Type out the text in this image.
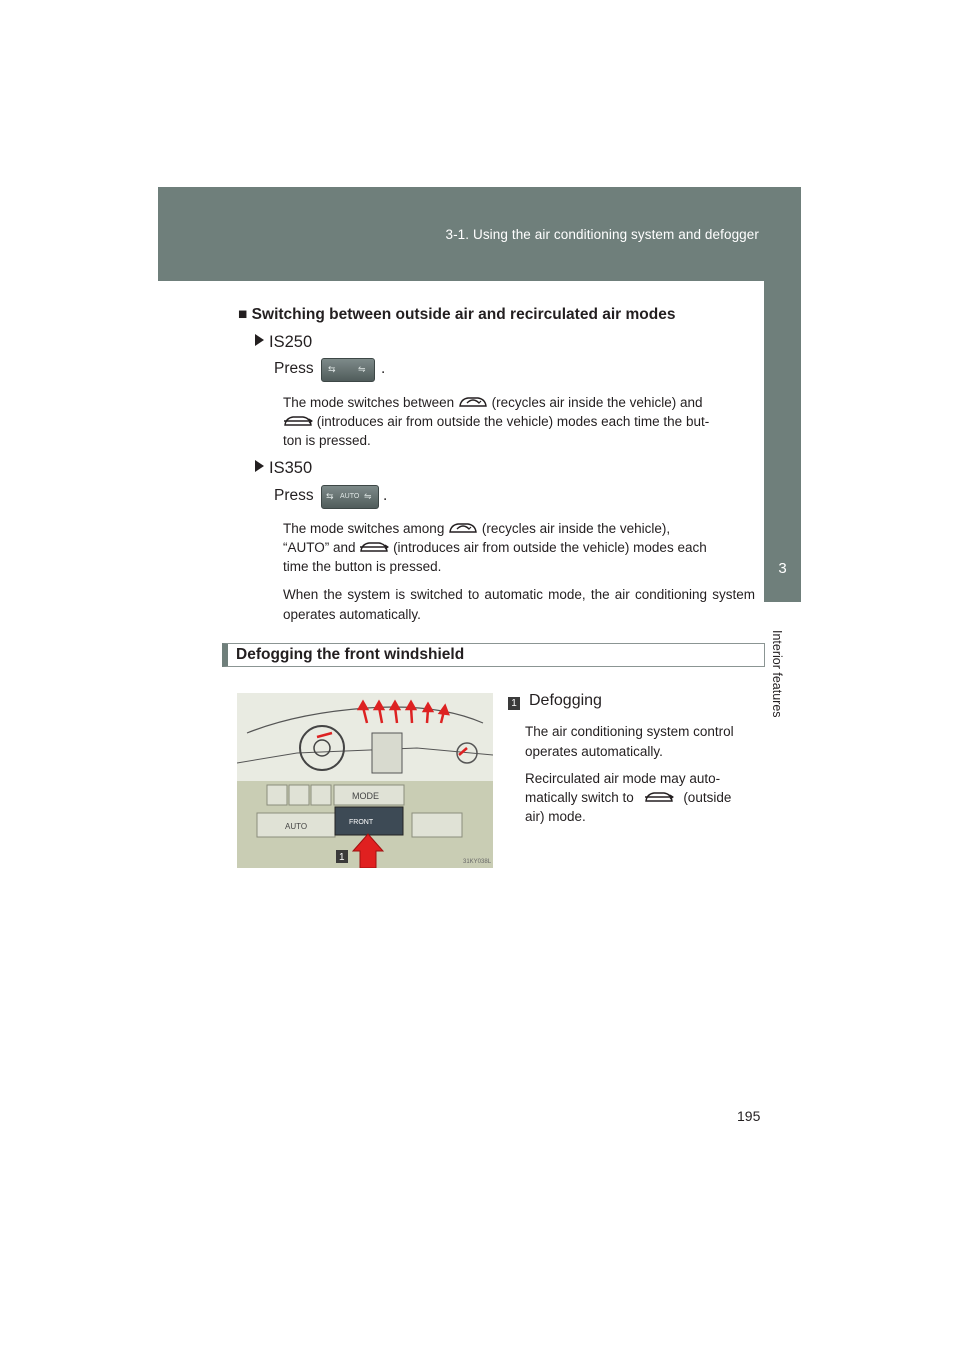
3-1. Using the air conditioning system and defogger
3
Interior features
■ Switching between outside air and recirculated air modes
IS250
Press ⇆ ⇋ .
The mode switches between	(recycles air inside the vehicle) and
(introduces air from outside the vehicle) modes each time the but-
ton is pressed.
IS350
Press ⇆ AUTO ⇋ .
The mode switches among	(recycles air inside the vehicle),
“AUTO” and	(introduces air from outside the vehicle) modes each
time the button is pressed.
When the system is switched to automatic mode, the air conditioning system operates automatically.
Defogging the front windshield
MODE
AUTO	FRONT
1	31KY038L
1 Defogging
The air conditioning system control operates automatically.
Recirculated air mode may auto-
matically switch to	(outside
air) mode.
195
